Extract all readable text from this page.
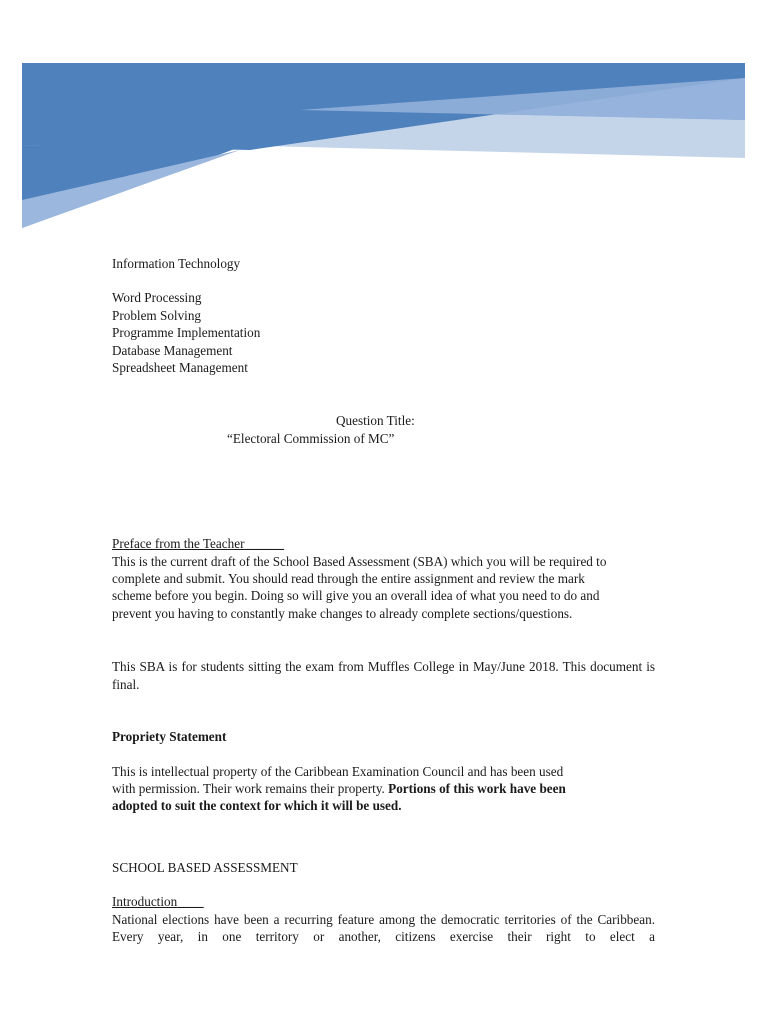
Information Technology
Word Processing
Problem Solving
Programme Implementation
Database Management
Spreadsheet Management
Question Title:
“Electoral Commission of MC”
Preface from the Teacher______
This is the current draft of the School Based Assessment (SBA) which you will be required to
complete and submit. You should read through the entire assignment and review the mark
scheme before you begin. Doing so will give you an overall idea of what you need to do and
prevent you having to constantly make changes to already complete sections/questions.

This SBA is for students sitting the exam from Muffles College in May/June 2018. This document is final.

Propriety Statement
This is intellectual property of the Caribbean Examination Council and has been used
with permission. Their work remains their property. Portions of this work have been
adopted to suit the context for which it will be used.
SCHOOL BASED ASSESSMENT
Introduction____

National elections have been a recurring feature among the democratic territories of the Caribbean. Every year, in one territory or another, citizens exercise their right to elect a
